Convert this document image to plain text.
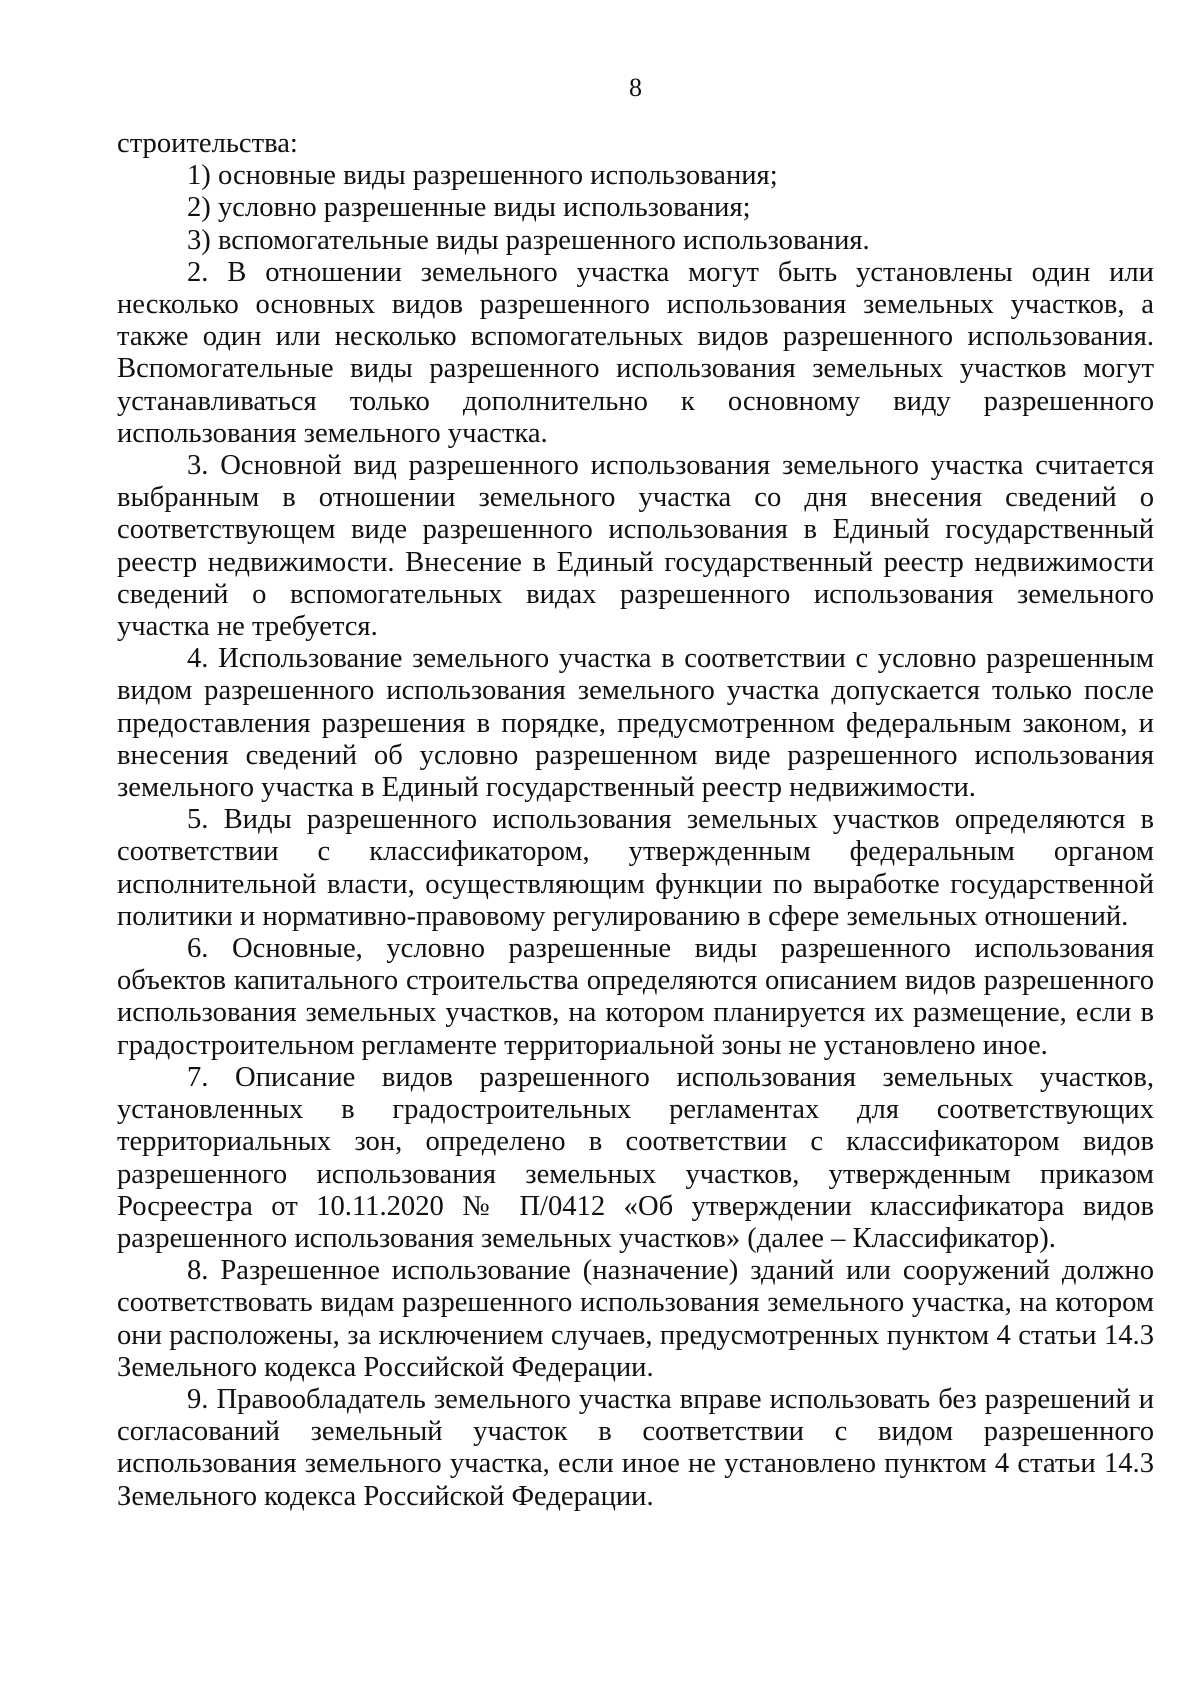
8

строительства:

1) основные виды разрешенного использования;

2) условно разрешенные виды использования;

3) вспомогательные виды разрешенного использования.

2. В отношении земельного участка могут быть установлены один или несколько основных видов разрешенного использования земельных участков, а также один или несколько вспомогательных видов разрешенного использования. Вспомогательные виды разрешенного использования земельных участков могут устанавливаться только дополнительно к основному виду разрешенного использования земельного участка.

3. Основной вид разрешенного использования земельного участка считается выбранным в отношении земельного участка со дня внесения сведений о соответствующем виде разрешенного использования в Единый государственный реестр недвижимости. Внесение в Единый государственный реестр недвижимости сведений о вспомогательных видах разрешенного использования земельного участка не требуется.

4. Использование земельного участка в соответствии с условно разрешенным видом разрешенного использования земельного участка допускается только после предоставления разрешения в порядке, предусмотренном федеральным законом, и внесения сведений об условно разрешенном виде разрешенного использования земельного участка в Единый государственный реестр недвижимости.

5. Виды разрешенного использования земельных участков определяются в соответствии с классификатором, утвержденным федеральным органом исполнительной власти, осуществляющим функции по выработке государственной политики и нормативно-правовому регулированию в сфере земельных отношений.

6. Основные, условно разрешенные виды разрешенного использования объектов капитального строительства определяются описанием видов разрешенного использования земельных участков, на котором планируется их размещение, если в градостроительном регламенте территориальной зоны не установлено иное.

7. Описание видов разрешенного использования земельных участков, установленных в градостроительных регламентах для соответствующих территориальных зон, определено в соответствии с классификатором видов разрешенного использования земельных участков, утвержденным приказом Росреестра от 10.11.2020 № П/0412 «Об утверждении классификатора видов разрешенного использования земельных участков» (далее – Классификатор).

8. Разрешенное использование (назначение) зданий или сооружений должно соответствовать видам разрешенного использования земельного участка, на котором они расположены, за исключением случаев, предусмотренных пунктом 4 статьи 14.3 Земельного кодекса Российской Федерации.

9. Правообладатель земельного участка вправе использовать без разрешений и согласований земельный участок в соответствии с видом разрешенного использования земельного участка, если иное не установлено пунктом 4 статьи 14.3 Земельного кодекса Российской Федерации.
